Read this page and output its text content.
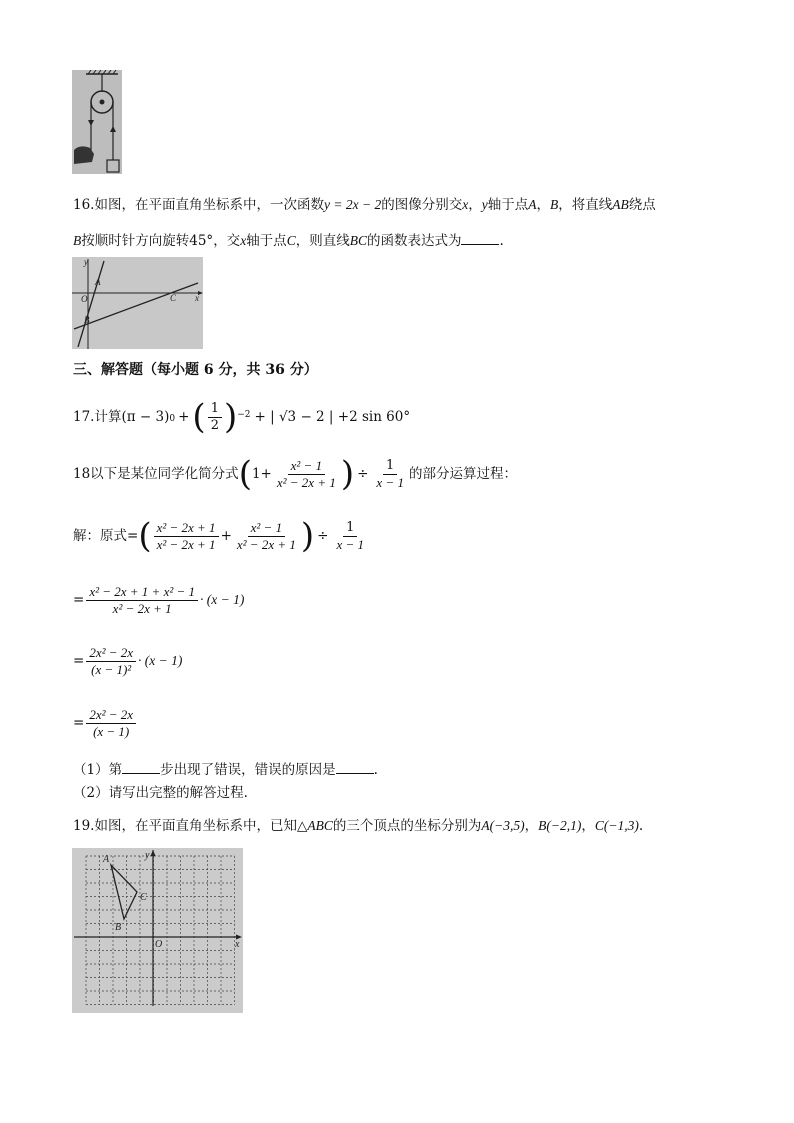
16.如图，在平面直角坐标系中，一次函数y = 2x − 2的图像分别交x，y轴于点A，B，将直线AB绕点
B按顺时针方向旋转45°，交x轴于点C，则直线BC的函数表达式为	.
y
A
O	C x
B
三、解答题（每小题 6 分，共 36 分）
17.计算 (π − 3) 0 + ( $\frac{1}{2}$ ) −2 + | √3 − 2 | +2 sin 60°
18以下是某位同学化简分式 ( $1+ \frac{\text{x² − 1}}{\text{x² − 2x + 1}}$ ) ÷ $\frac{1}{x - 1}$ 的部分运算过程：
解：原式= ( $\frac{\text{x² − 2x + 1}}{\text{x² − 2x + 1}} + \frac{\text{x² − 1}}{\text{x² − 2x + 1}}$ ) ÷ $\frac{1}{x - 1}$
= $\frac{\text{x² − 2x + 1 + x² − 1}}{\text{x² − 2x + 1}} \cdot (x - 1)$
= $\frac{\text{2x² − 2x}}{\text{(x − 1)²}} \cdot (x - 1)$
= $\frac{\text{2x² − 2x}}{(x - 1)}$
（1）第	步出现了错误，错误的原因是	.
（2）请写出完整的解答过程.
19.如图，在平面直角坐标系中，已知△ABC的三个顶点的坐标分别为A(−3,5)，B(−2,1)，C(−1,3).
A	y
C
B
O	x
